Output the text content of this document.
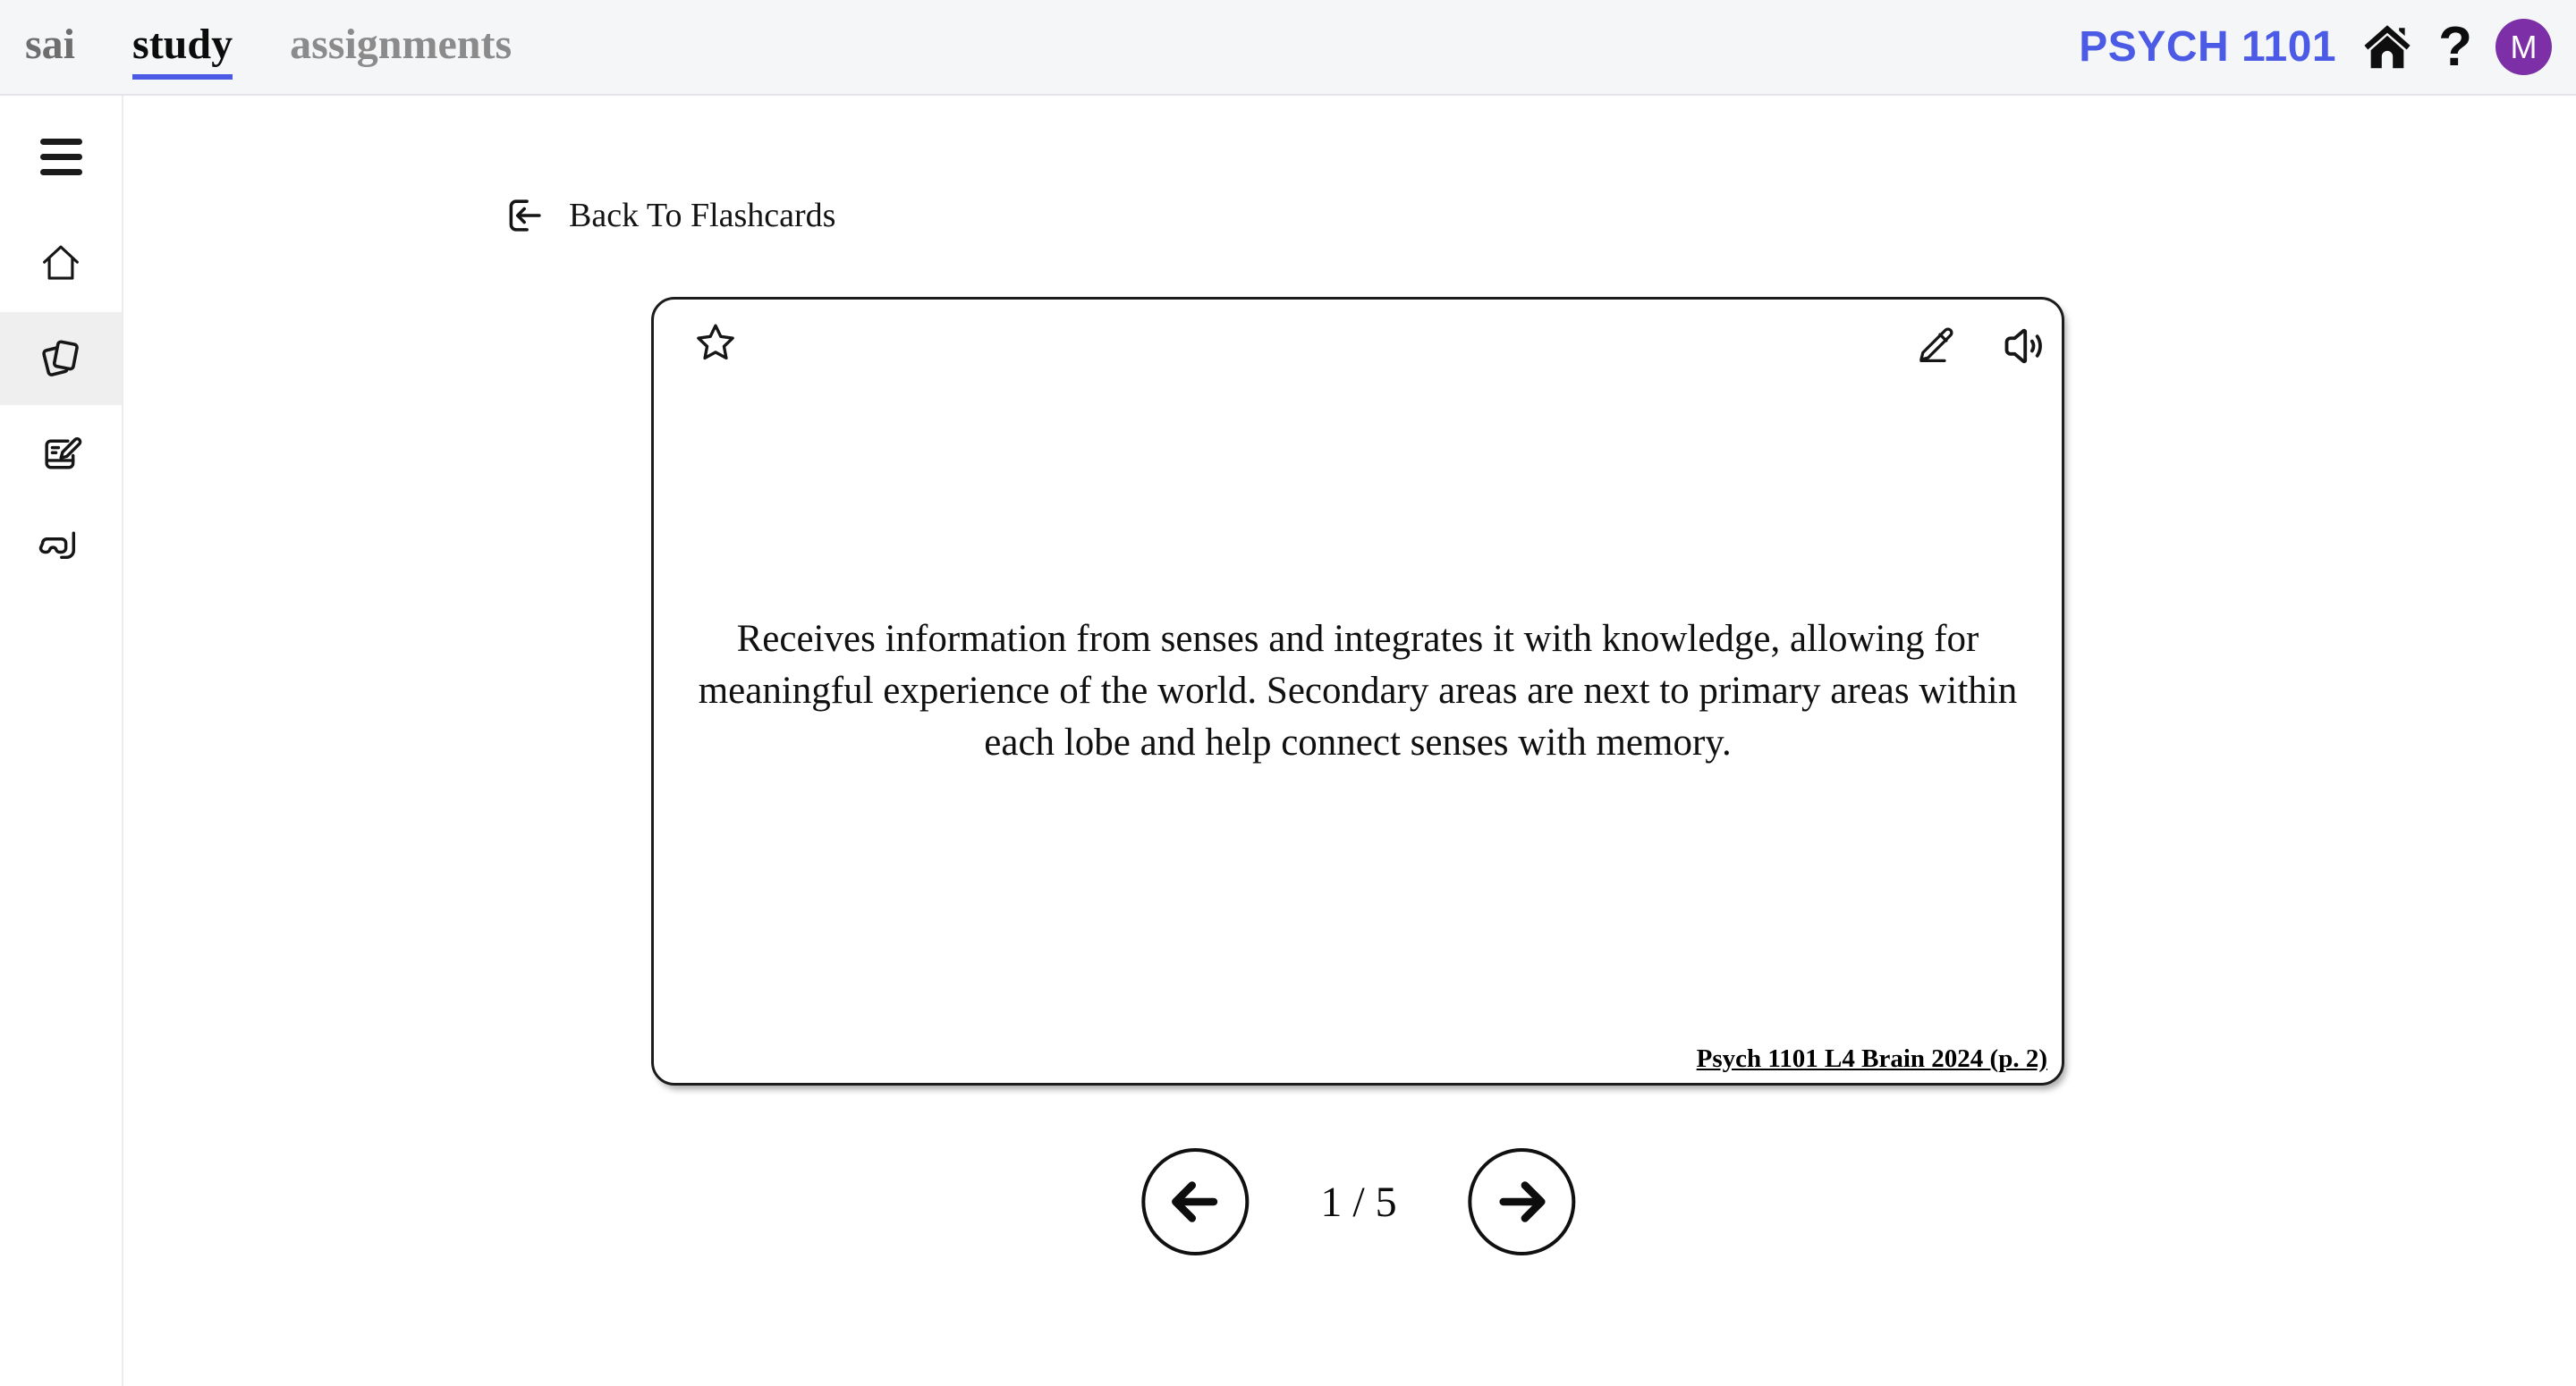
sai study assignments	PSYCH 1101 ? M
Back To Flashcards

Receives information from senses and integrates it with knowledge, allowing for meaningful experience of the world. Secondary areas are next to primary areas within each lobe and help connect senses with memory.

Psych 1101 L4 Brain 2024 (p. 2)
1 / 5
